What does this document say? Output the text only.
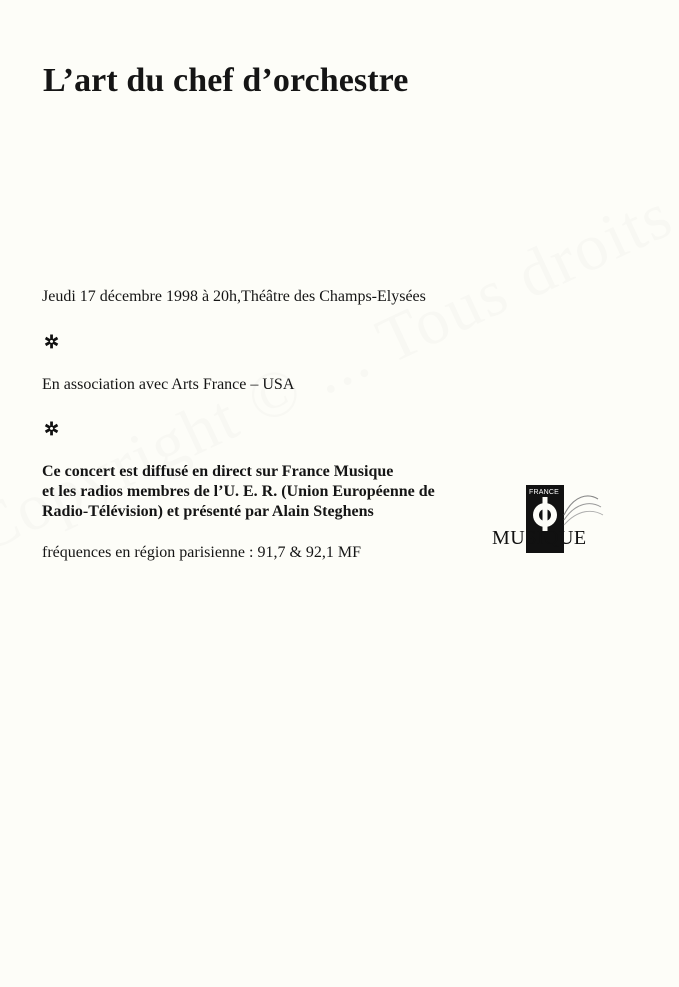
L’art du chef d’orchestre

Jeudi 17 décembre 1998 à 20h,Théâtre des Champs-Elysées

✲

En association avec Arts France – USA

✲

Ce concert est diffusé en direct sur France Musique

et les radios membres de l’U. E. R. (Union Européenne de

Radio-Télévision) et présenté par Alain Steghens

fréquences en région parisienne : 91,7 & 92,1 MF

FRANCE
MUSIQUE
